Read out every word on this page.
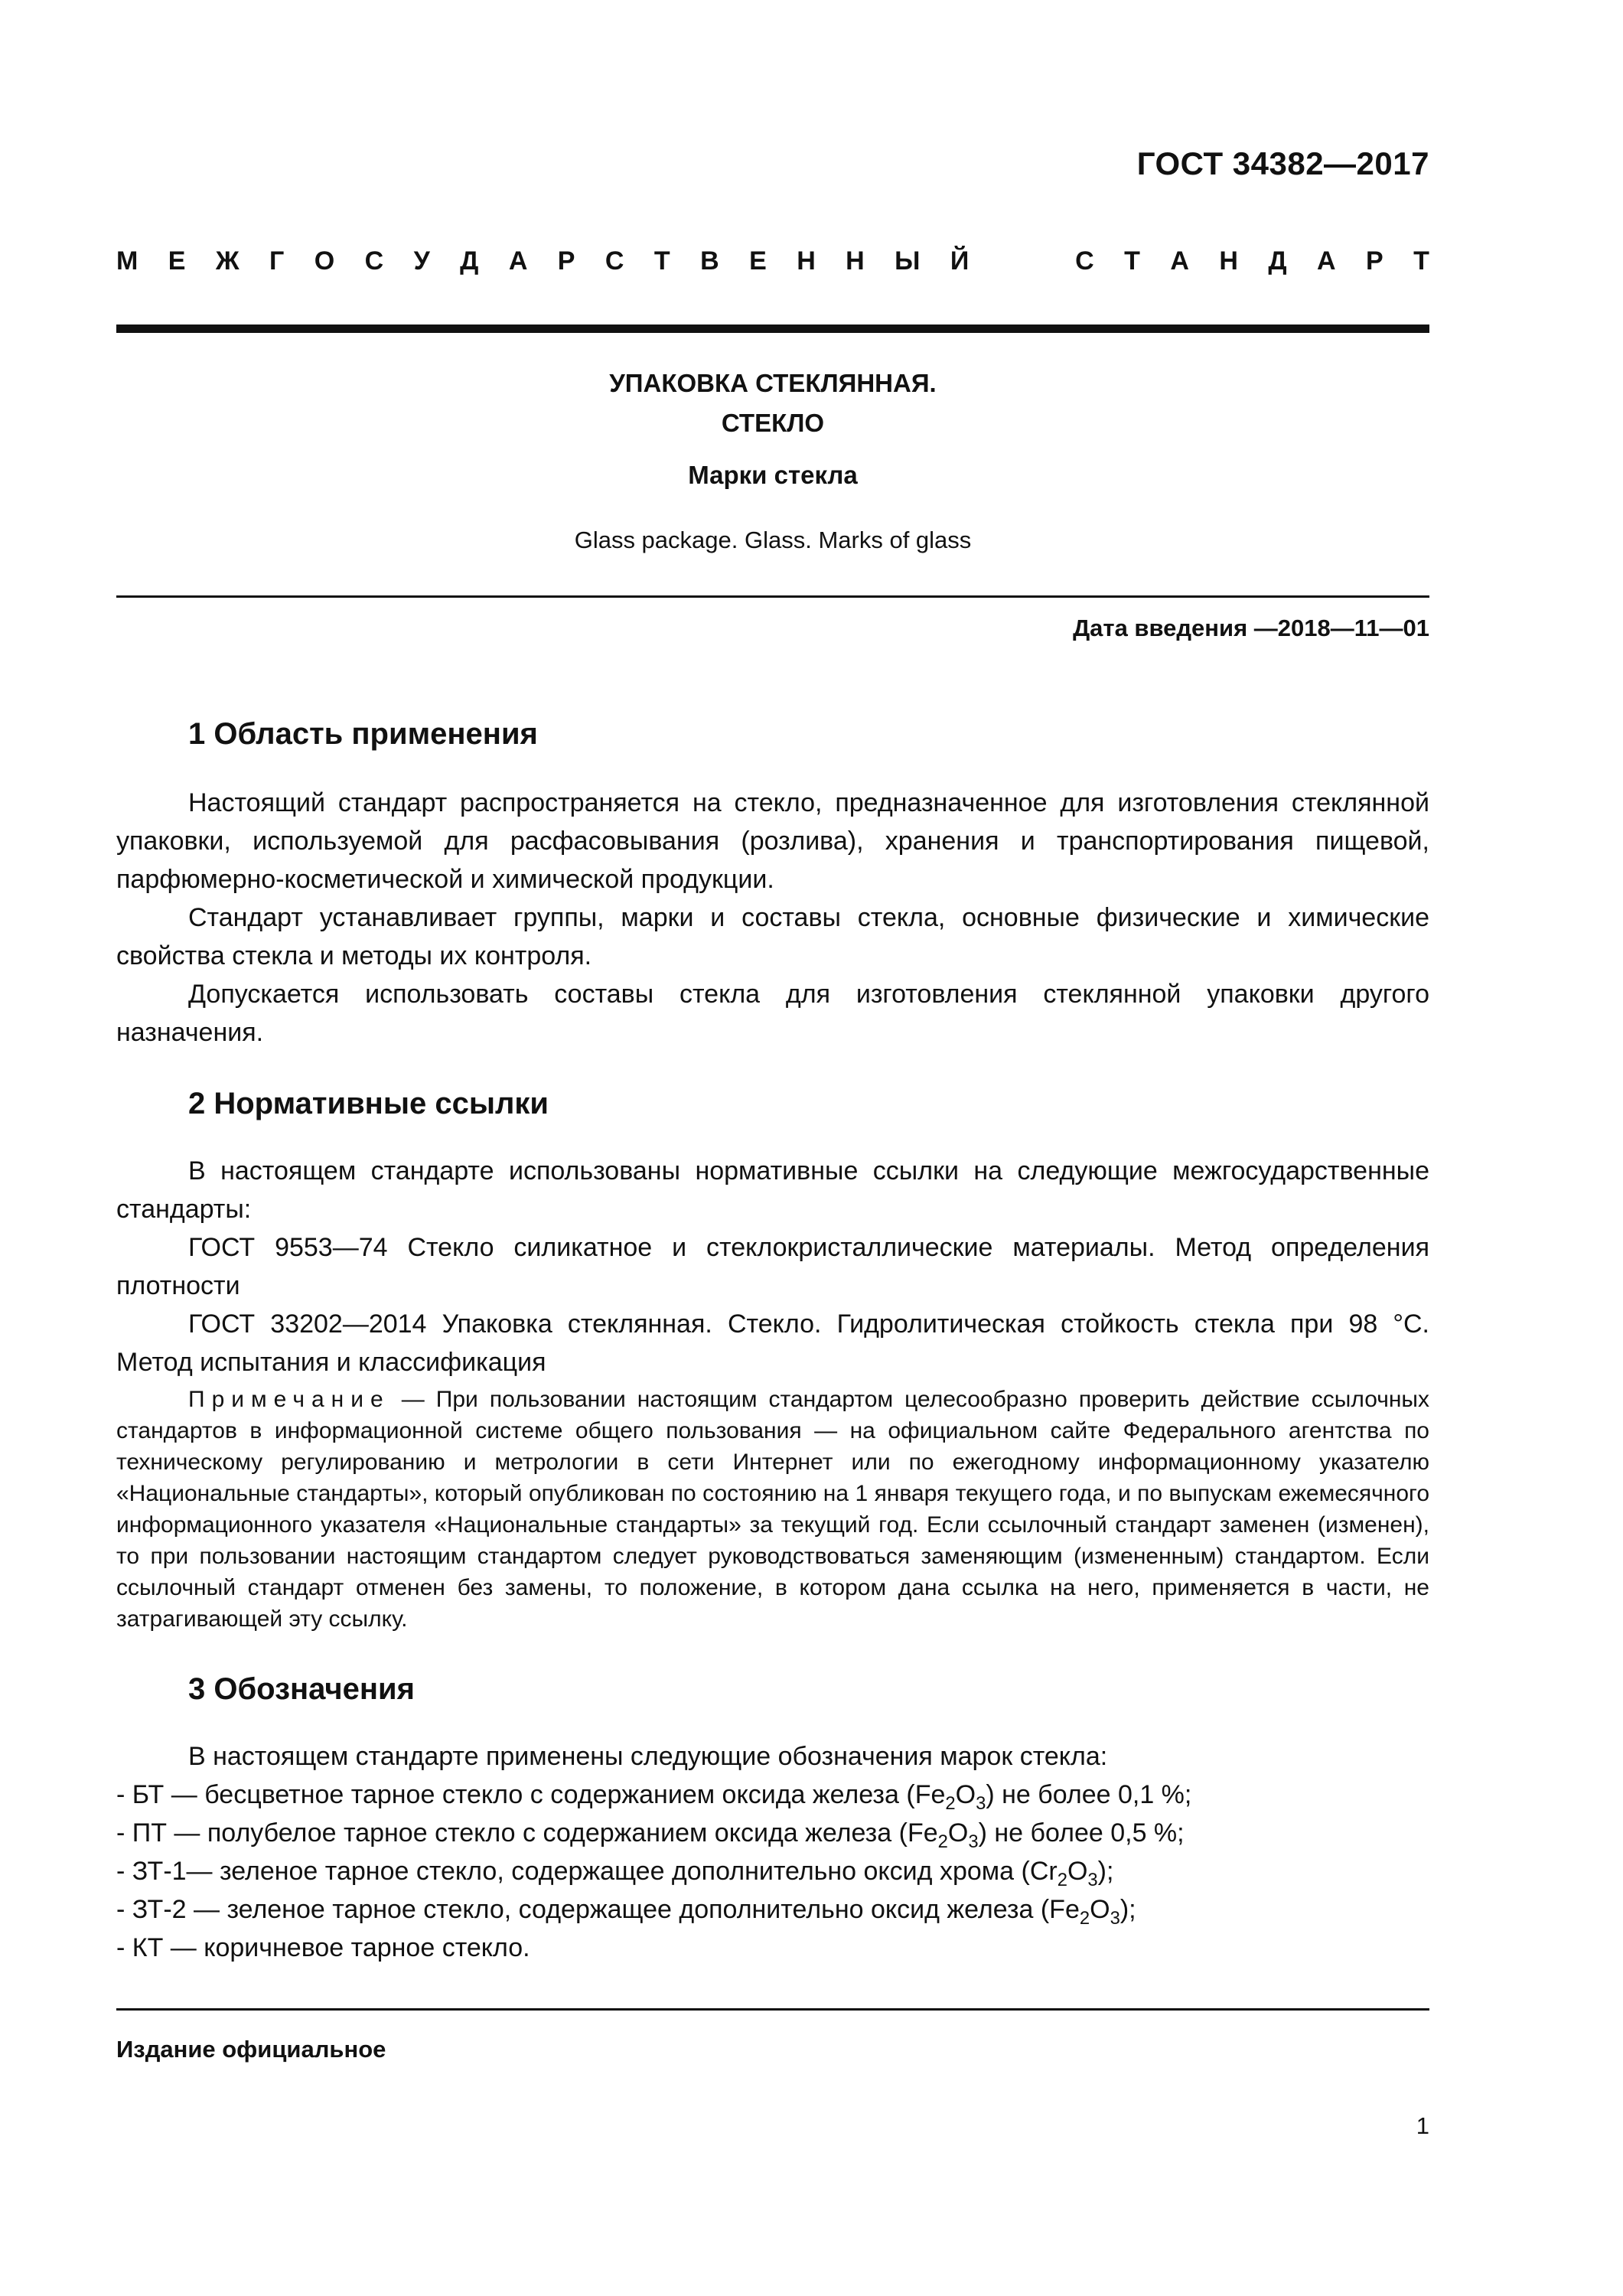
ГОСТ 34382—2017
М Е Ж Г О С У Д А Р С Т В Е Н Н Ы Й	С Т А Н Д А Р Т
УПАКОВКА СТЕКЛЯННАЯ.
СТЕКЛО
Марки стекла
Glass package. Glass. Marks of glass
Дата введения —2018—11—01
1 Область применения

Настоящий стандарт распространяется на стекло, предназначенное для изготовления стеклянной упаковки, используемой для расфасовывания (розлива), хранения и транспортирования пищевой, парфюмерно-косметической и химической продукции.

Стандарт устанавливает группы, марки и составы стекла, основные физические и химические свойства стекла и методы их контроля.

Допускается использовать составы стекла для изготовления стеклянной упаковки другого назначения.

2 Нормативные ссылки

В настоящем стандарте использованы нормативные ссылки на следующие межгосударственные стандарты:

ГОСТ 9553—74 Стекло силикатное и стеклокристаллические материалы. Метод определения плотности

ГОСТ 33202—2014 Упаковка стеклянная. Стекло. Гидролитическая стойкость стекла при 98 °С. Метод испытания и классификация

Примечание — При пользовании настоящим стандартом целесообразно проверить действие ссылочных стандартов в информационной системе общего пользования — на официальном сайте Федерального агентства по техническому регулированию и метрологии в сети Интернет или по ежегодному информационному указателю «Национальные стандарты», который опубликован по состоянию на 1 января текущего года, и по выпускам ежемесячного информационного указателя «Национальные стандарты» за текущий год. Если ссылочный стандарт заменен (изменен), то при пользовании настоящим стандартом следует руководствоваться заменяющим (измененным) стандартом. Если ссылочный стандарт отменен без замены, то положение, в котором дана ссылка на него, применяется в части, не затрагивающей эту ссылку.
3 Обозначения
В настоящем стандарте применены следующие обозначения марок стекла:
- БТ — бесцветное тарное стекло с содержанием оксида железа $(Fe_2O_3)$ не более 0,1 %;
- ПТ — полубелое тарное стекло с содержанием оксида железа $(Fe_2O_3)$ не более 0,5 %;
- ЗТ-1— зеленое тарное стекло, содержащее дополнительно оксид хрома $(Cr_2O_3)$;
- ЗТ-2 — зеленое тарное стекло, содержащее дополнительно оксид железа $(Fe_2O_3)$;
- КТ — коричневое тарное стекло.
Издание официальное
1
